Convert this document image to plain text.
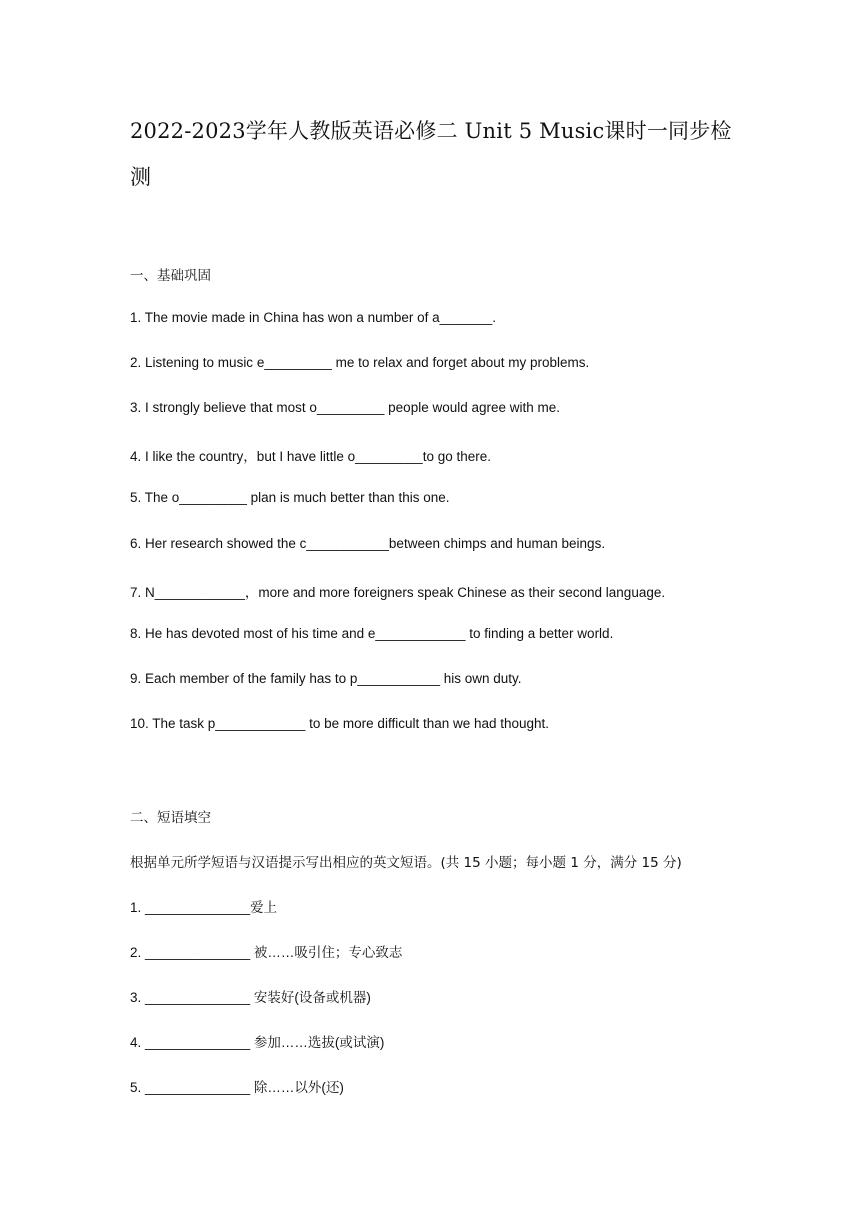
2022-2023学年人教版英语必修二 Unit 5 Music课时一同步检测
一、基础巩固
1. The movie made in China has won a number of a_______.
2. Listening to music e_________ me to relax and forget about my problems.
3. I strongly believe that most o_________ people would agree with me.
4. I like the country，but I have little o_________to go there.
5. The o_________ plan is much better than this one.
6. Her research showed the c___________between chimps and human beings.
7. N____________，more and more foreigners speak Chinese as their second language.
8. He has devoted most of his time and e____________ to finding a better world.
9. Each member of the family has to p___________ his own duty.
10. The task p____________ to be more difficult than we had thought.
二、短语填空
根据单元所学短语与汉语提示写出相应的英文短语。(共 15 小题；每小题 1 分，满分 15 分)
1. ______________爱上
2. ______________ 被……吸引住；专心致志
3. ______________ 安装好(设备或机器)
4. ______________ 参加……选拔(或试演)
5. ______________ 除……以外(还)
